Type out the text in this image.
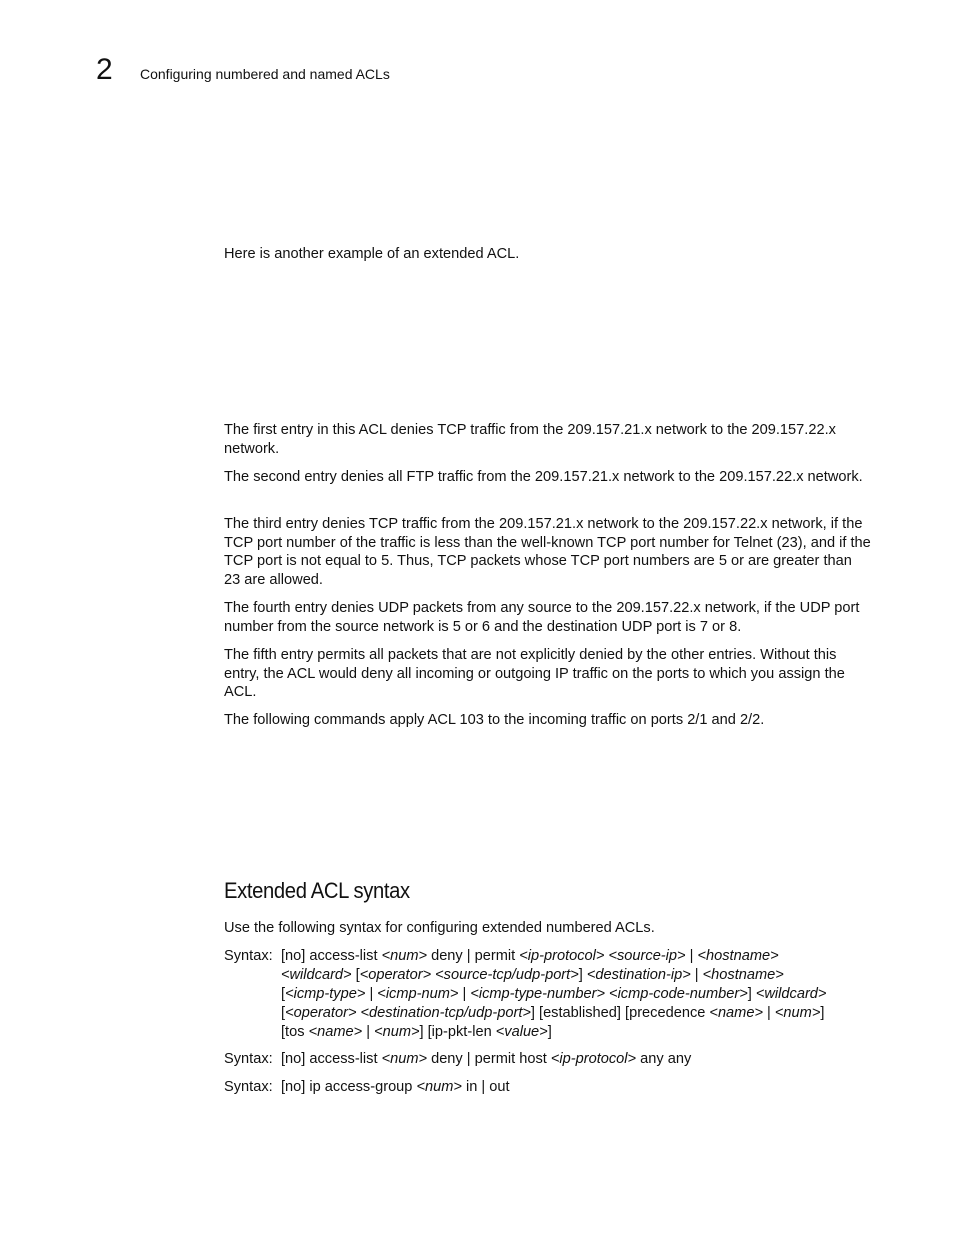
2 Configuring numbered and named ACLs

Here is another example of an extended ACL.

The first entry in this ACL denies TCP traffic from the 209.157.21.x network to the 209.157.22.x network.

The second entry denies all FTP traffic from the 209.157.21.x network to the 209.157.22.x network.

The third entry denies TCP traffic from the 209.157.21.x network to the 209.157.22.x network, if the TCP port number of the traffic is less than the well-known TCP port number for Telnet (23), and if the TCP port is not equal to 5. Thus, TCP packets whose TCP port numbers are 5 or are greater than 23 are allowed.

The fourth entry denies UDP packets from any source to the 209.157.22.x network, if the UDP port number from the source network is 5 or 6 and the destination UDP port is 7 or 8.

The fifth entry permits all packets that are not explicitly denied by the other entries. Without this entry, the ACL would deny all incoming or outgoing IP traffic on the ports to which you assign the ACL.

The following commands apply ACL 103 to the incoming traffic on ports 2/1 and 2/2.

Extended ACL syntax

Use the following syntax for configuring extended numbered ACLs.

Syntax: [no] access-list <num> deny | permit <ip-protocol> <source-ip> | <hostname>
<wildcard> [<operator> <source-tcp/udp-port>] <destination-ip> | <hostname>
[<icmp-type> | <icmp-num> | <icmp-type-number> <icmp-code-number>] <wildcard>
[<operator> <destination-tcp/udp-port>] [established] [precedence <name> | <num>]
[tos <name> | <num>] [ip-pkt-len <value>]
Syntax: [no] access-list <num> deny | permit host <ip-protocol> any any
Syntax: [no] ip access-group <num> in | out
